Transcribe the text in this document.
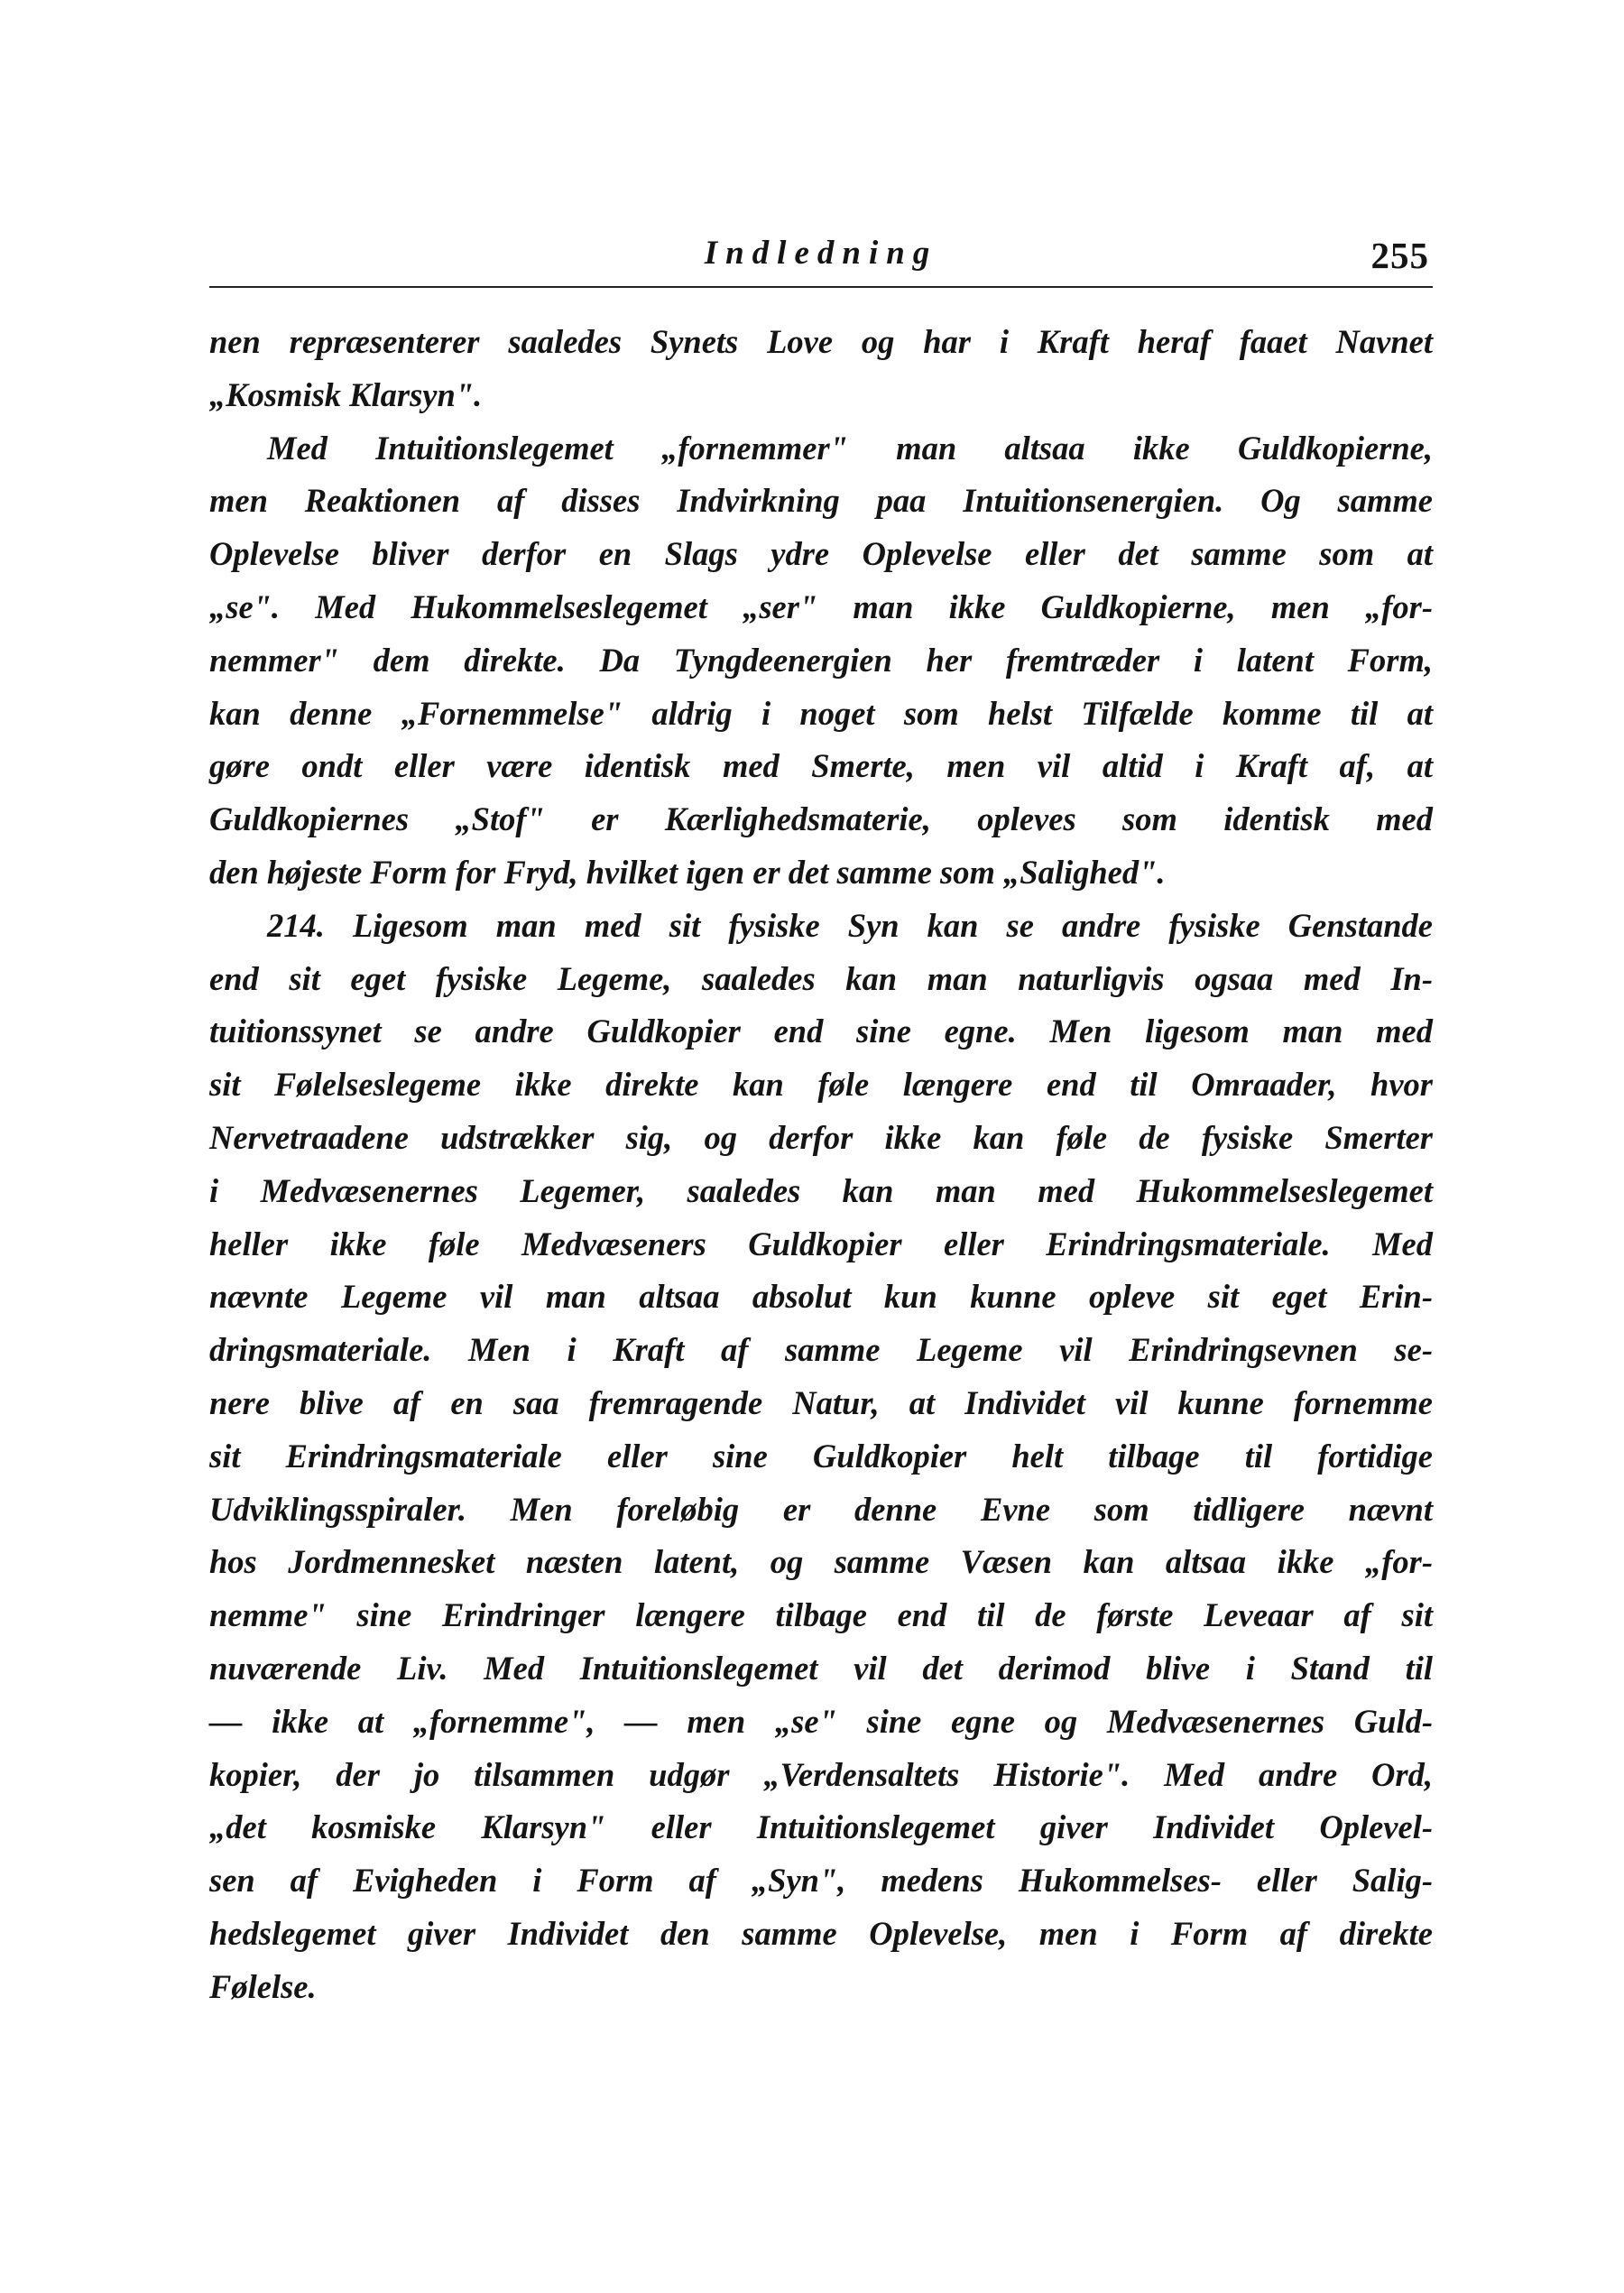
Indledning	255
nen repræsenterer saaledes Synets Love og har i Kraft heraf faaet Navnet
„Kosmisk Klarsyn".
Med Intuitionslegemet „fornemmer" man altsaa ikke Guldkopierne,
men Reaktionen af disses Indvirkning paa Intuitionsenergien. Og samme
Oplevelse bliver derfor en Slags ydre Oplevelse eller det samme som at
„se". Med Hukommelseslegemet „ser" man ikke Guldkopierne, men „for-
nemmer" dem direkte. Da Tyngdeenergien her fremtræder i latent Form,
kan denne „Fornemmelse" aldrig i noget som helst Tilfælde komme til at
gøre ondt eller være identisk med Smerte, men vil altid i Kraft af, at
Guldkopiernes „Stof" er Kærlighedsmaterie, opleves som identisk med
den højeste Form for Fryd, hvilket igen er det samme som „Salighed".
214. Ligesom man med sit fysiske Syn kan se andre fysiske Genstande
end sit eget fysiske Legeme, saaledes kan man naturligvis ogsaa med In-
tuitionssynet se andre Guldkopier end sine egne. Men ligesom man med
sit Følelseslegeme ikke direkte kan føle længere end til Omraader, hvor
Nervetraadene udstrækker sig, og derfor ikke kan føle de fysiske Smerter
i Medvæsenernes Legemer, saaledes kan man med Hukommelseslegemet
heller ikke føle Medvæseners Guldkopier eller Erindringsmateriale. Med
nævnte Legeme vil man altsaa absolut kun kunne opleve sit eget Erin-
dringsmateriale. Men i Kraft af samme Legeme vil Erindringsevnen se-
nere blive af en saa fremragende Natur, at Individet vil kunne fornemme
sit Erindringsmateriale eller sine Guldkopier helt tilbage til fortidige
Udviklingsspiraler. Men foreløbig er denne Evne som tidligere nævnt
hos Jordmennesket næsten latent, og samme Væsen kan altsaa ikke „for-
nemme" sine Erindringer længere tilbage end til de første Leveaar af sit
nuværende Liv. Med Intuitionslegemet vil det derimod blive i Stand til
— ikke at „fornemme", — men „se" sine egne og Medvæsenernes Guld-
kopier, der jo tilsammen udgør „Verdensaltets Historie". Med andre Ord,
„det kosmiske Klarsyn" eller Intuitionslegemet giver Individet Oplevel-
sen af Evigheden i Form af „Syn", medens Hukommelses- eller Salig-
hedslegemet giver Individet den samme Oplevelse, men i Form af direkte
Følelse.
